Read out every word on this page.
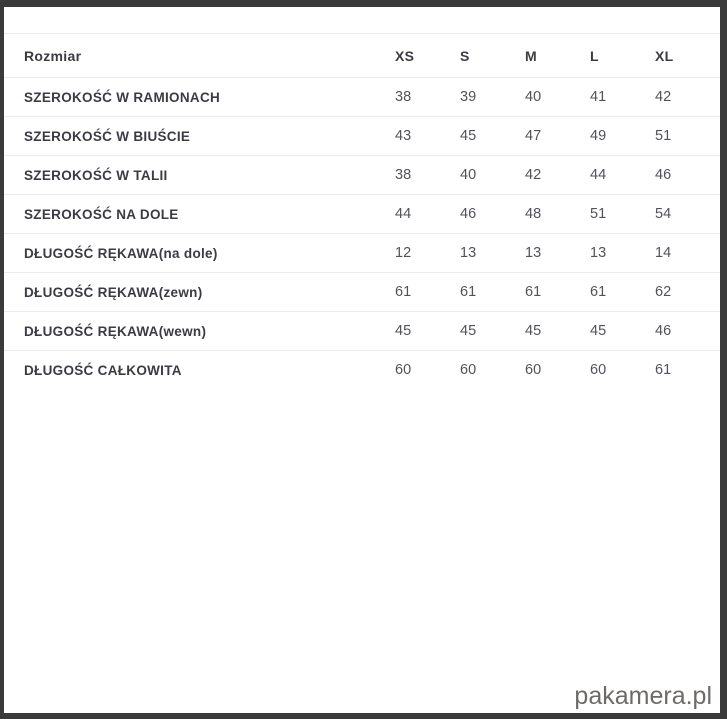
Rozmiar	XS	S	M	L	XL
SZEROKOŚĆ W RAMIONACH	38	39	40	41	42
SZEROKOŚĆ W BIUŚCIE	43	45	47	49	51
SZEROKOŚĆ W TALII	38	40	42	44	46
SZEROKOŚĆ NA DOLE	44	46	48	51	54
DŁUGOŚĆ RĘKAWA(na dole)	12	13	13	13	14
DŁUGOŚĆ RĘKAWA(zewn)	61	61	61	61	62
DŁUGOŚĆ RĘKAWA(wewn)	45	45	45	45	46
DŁUGOŚĆ CAŁKOWITA	60	60	60	60	61
pakamera.pl
